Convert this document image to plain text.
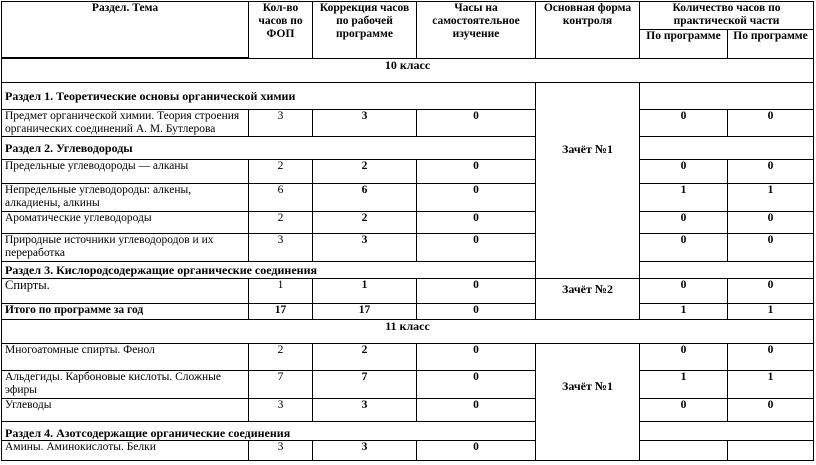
Раздел. Тема	Кол-во часов по ФОП	Коррекция часов по рабочей программе	Часы на самостоятельное изучение	Основная форма контроля	Количество часов по практической части	
					По программе	По программе

10 класс						
Раздел 1. Теоретические основы органической химии				Зачёт №1		

Предмет органической химии. Теория строения органических соединений А. М. Бутлерова	3	3	0		0	0
Раздел 2. Углеводороды						
Предельные углеводороды — алканы	2	2	0		0	0
Непредельные углеводороды: алкены, алкадиены, алкины	6	6	0		1	1
Ароматические углеводороды	2	2	0		0	0
Природные источники углеводородов и их переработка	3	3	0		0	0
Раздел 3. Кислородсодержащие органические соединения						
Спирты.	1	1	0	Зачёт №2	0	0
Итого по программе за год	17	17	0		1	1
11 класс						
Многоатомные спирты. Фенол	2	2	0	Зачёт №1	0	0
Альдегиды. Карбоновые кислоты. Сложные эфиры	7	7	0		1	1
Углеводы	3	3	0		0	0
Раздел 4. Азотсодержащие органические соединения						
Амины. Аминокислоты. Белки	3	3	0			
